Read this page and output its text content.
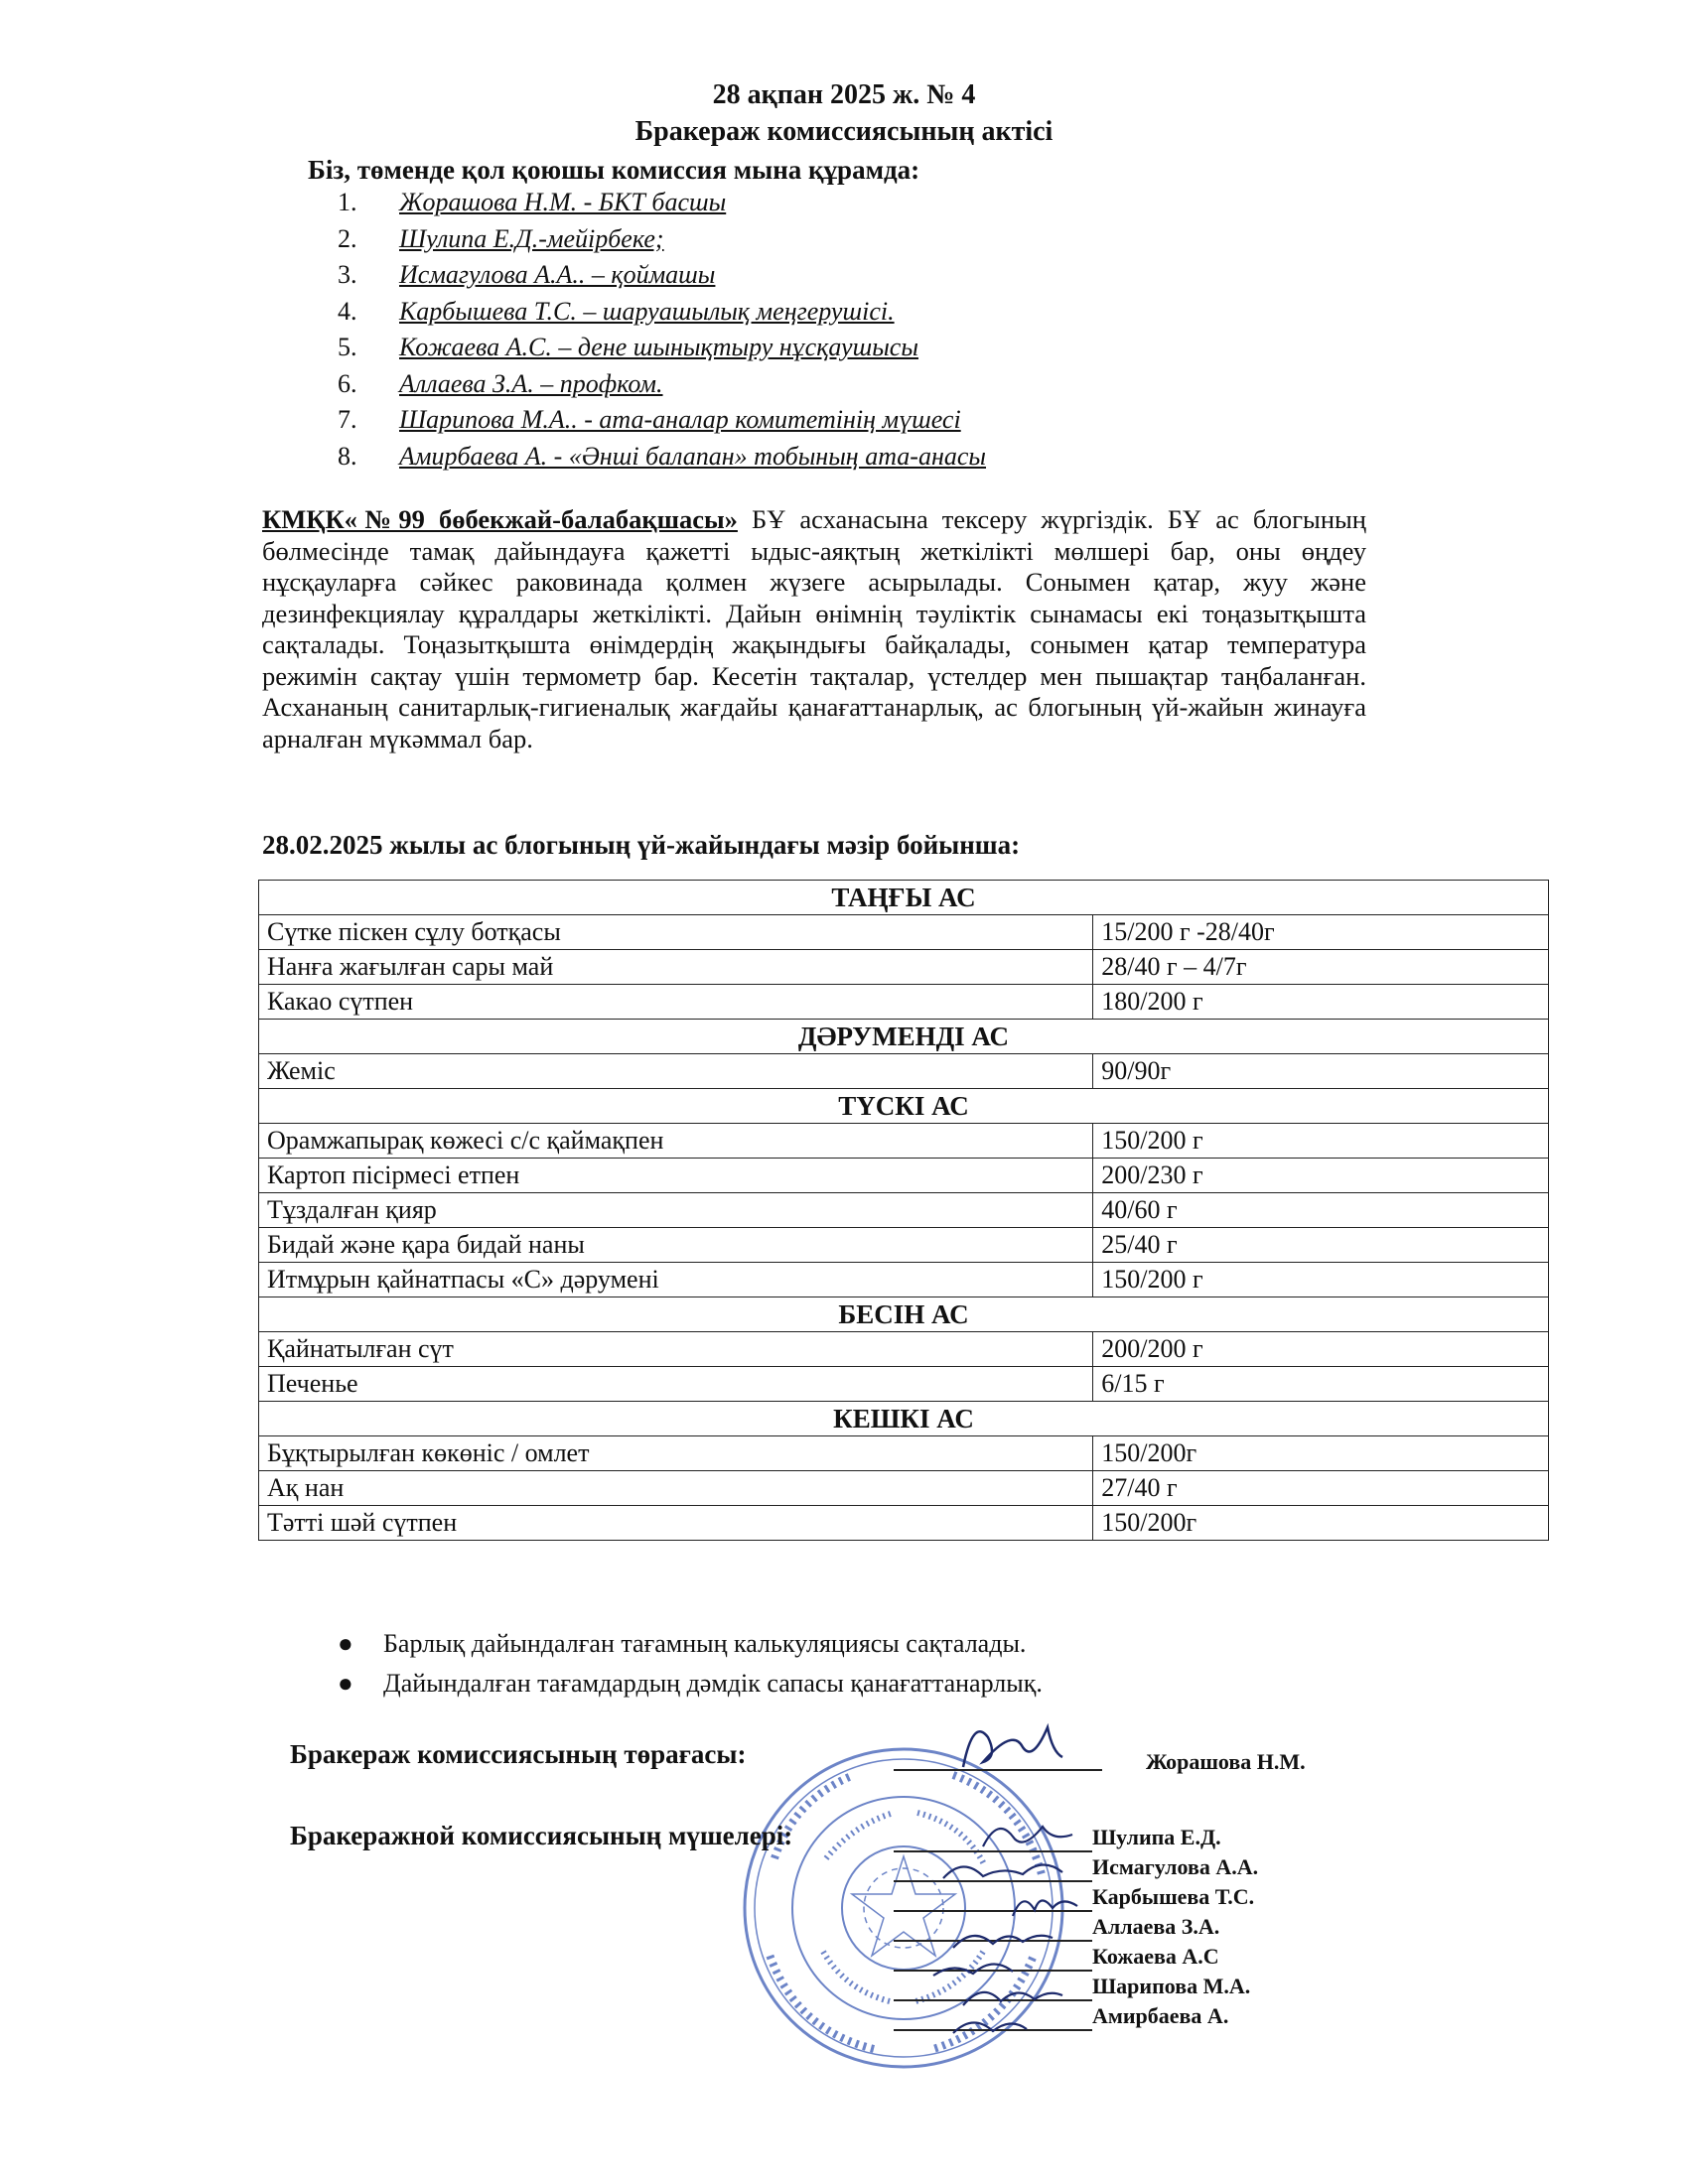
28 ақпан 2025 ж. № 4
Бракераж комиссиясының актісі
Біз, төменде қол қоюшы комиссия мына құрамда:
1.	Жорашова Н.М. - БКТ басшы
2.	Шулипа Е.Д.-мейірбеке;
3.	Исмагулова А.А.. – қоймашы
4.	Карбышева Т.С. – шаруашылық меңгерушісі.
5.	Кожаева А.С. – дене шынықтыру нұсқаушысы
6.	Аллаева З.А. – профком.
7.	Шарипова М.А.. - ата-аналар комитетінің мүшесі
8.	Амирбаева А. - «Әнші балапан» тобының ата-анасы
КМҚК«№99 бөбекжай-балабақшасы» БҰ асханасына тексеру жүргіздік. БҰ ас блогының бөлмесінде тамақ дайындауға қажетті ыдыс-аяқтың жеткілікті мөлшері бар, оны өңдеу нұсқауларға сәйкес раковинада қолмен жүзеге асырылады. Сонымен қатар, жуу және дезинфекциялау құралдары жеткілікті. Дайын өнімнің тәуліктік сынамасы екі тоңазытқышта сақталады. Тоңазытқышта өнімдердің жақындығы байқалады, сонымен қатар температура режимін сақтау үшін термометр бар. Кесетін тақталар, үстелдер мен пышақтар таңбаланған. Асхананың санитарлық-гигиеналық жағдайы қанағаттанарлық, ас блогының үй-жайын жинауға арналған мүкәммал бар.
28.02.2025 жылы ас блогының үй-жайындағы мәзір бойынша:
ТАҢҒЫ АС	
Сүтке піскен сұлу ботқасы	15/200 г -28/40г
Нанға жағылған сары май	28/40 г – 4/7г
Какао сүтпен	180/200 г
ДӘРУМЕНДІ АС	
Жеміс	90/90г
ТҮСКІ АС	
Орамжапырақ көжесі с/с қаймақпен	150/200 г
Картоп пісірмесі етпен	200/230 г
Тұздалған қияр	40/60 г
Бидай және қара бидай наны	25/40 г
Итмұрын қайнатпасы «С» дәрумені	150/200 г
БЕСІН АС	
Қайнатылған сүт	200/200 г
Печенье	6/15 г
КЕШКІ АС	
Бұқтырылған көкөніс / омлет	150/200г
Ақ нан	27/40 г
Тәтті шәй сүтпен	150/200г
●	Барлық дайындалған тағамның калькуляциясы сақталады.
●	Дайындалған тағамдардың дәмдік сапасы қанағаттанарлық.
Бракераж комиссиясының төрағасы:	Жорашова Н.М.
Бракеражной комиссиясының мүшелері:	Шулипа Е.Д.
Исмагулова А.А.
Карбышева Т.С.
Аллаева З.А.
Кожаева А.С
Шарипова М.А.
Амирбаева А.
